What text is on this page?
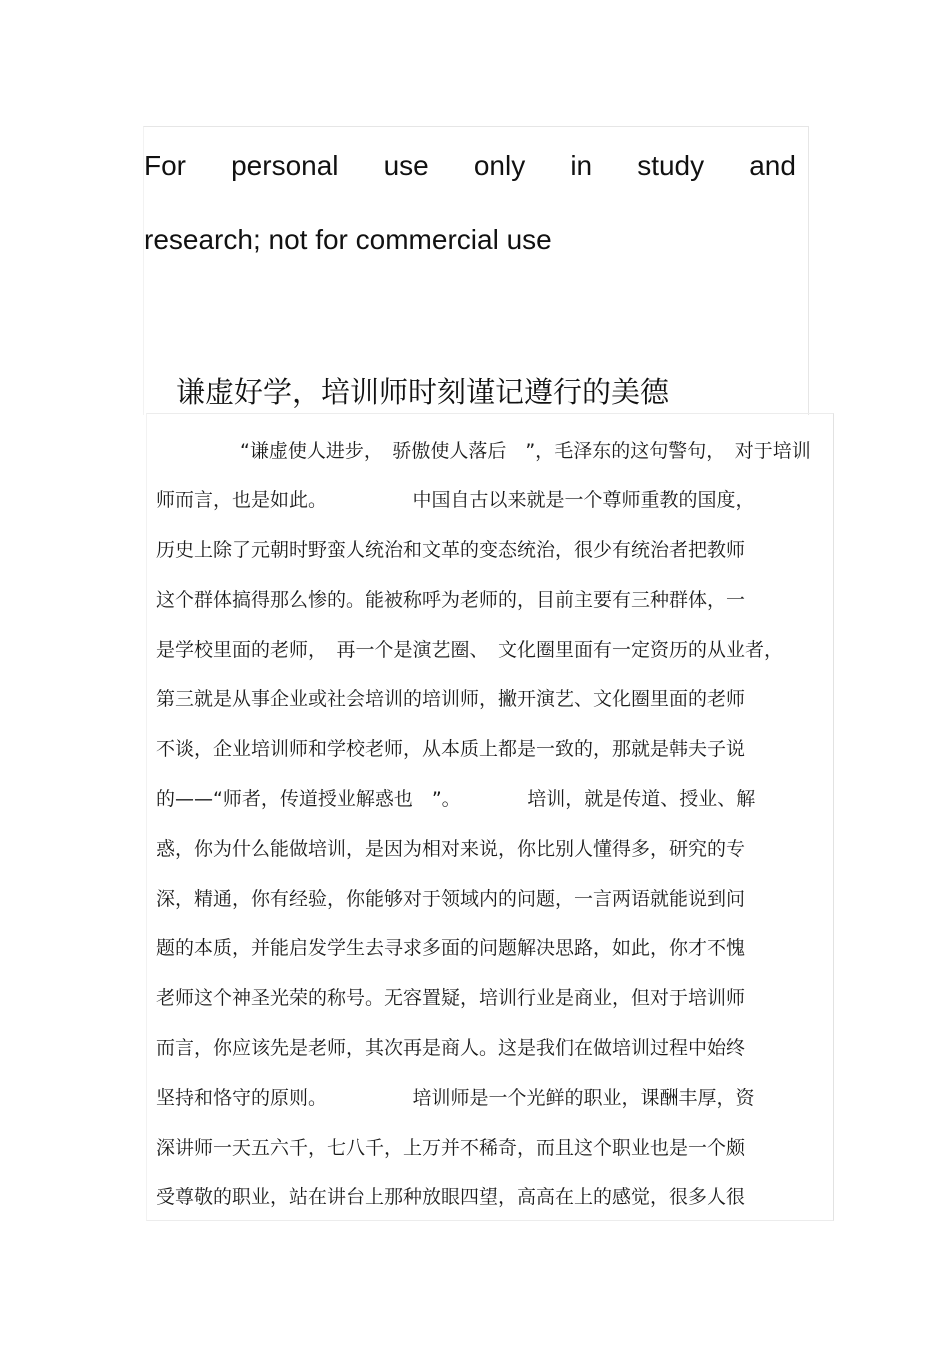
For personal use only in study and
research; not for commercial use
谦虚好学，培训师时刻谨记遵行的美德
“谦虚使人进步，　骄傲使人落后　”，毛泽东的这句警句，　对于培训
师而言，也是如此。　　　　　中国自古以来就是一个尊师重教的国度，
历史上除了元朝时野蛮人统治和文革的变态统治，很少有统治者把教师
这个群体搞得那么惨的。能被称呼为老师的，目前主要有三种群体，一
是学校里面的老师，　再一个是演艺圈、　文化圈里面有一定资历的从业者，
第三就是从事企业或社会培训的培训师，撇开演艺、文化圈里面的老师
不谈，企业培训师和学校老师，从本质上都是一致的，那就是韩夫子说
的——“师者，传道授业解惑也　”。　　　　培训，就是传道、授业、解
惑，你为什么能做培训，是因为相对来说，你比别人懂得多，研究的专
深，精通，你有经验，你能够对于领域内的问题，一言两语就能说到问
题的本质，并能启发学生去寻求多面的问题解决思路，如此，你才不愧
老师这个神圣光荣的称号。无容置疑，培训行业是商业，但对于培训师
而言，你应该先是老师，其次再是商人。这是我们在做培训过程中始终
坚持和恪守的原则。　　　　　培训师是一个光鲜的职业，课酬丰厚，资
深讲师一天五六千，七八千，上万并不稀奇，而且这个职业也是一个颇
受尊敬的职业，站在讲台上那种放眼四望，高高在上的感觉，很多人很
